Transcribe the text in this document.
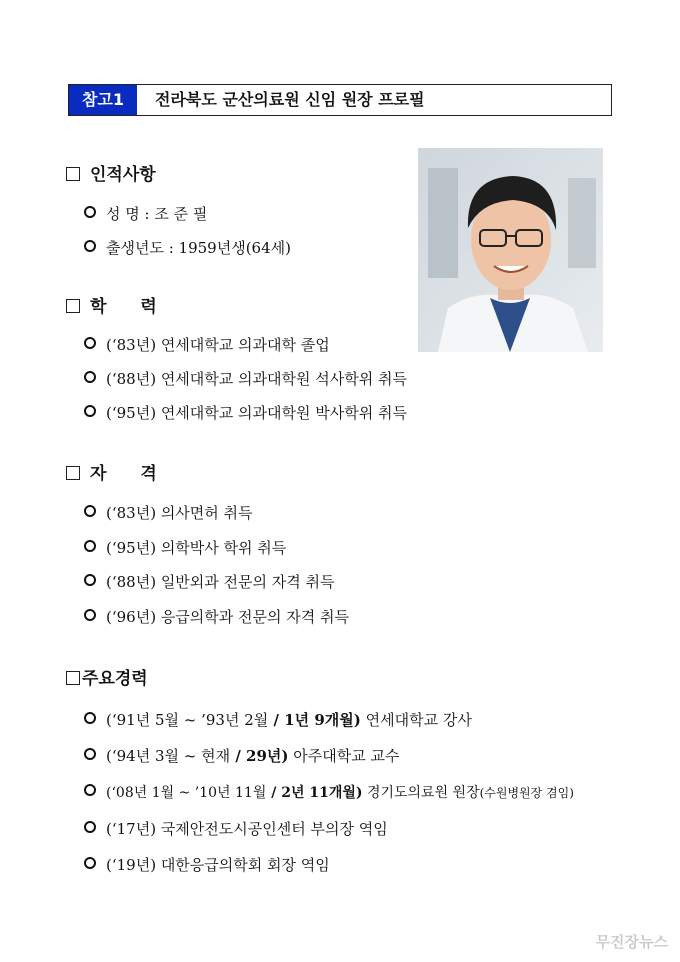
참고1	전라북도 군산의료원 신임 원장 프로필
인적사항
성 명 : 조 준 필
출생년도 : 1959년생(64세)
학 력
(‘83년) 연세대학교 의과대학 졸업
(‘88년) 연세대학교 의과대학원 석사학위 취득
(‘95년) 연세대학교 의과대학원 박사학위 취득
자 격
(‘83년) 의사면허 취득
(‘95년) 의학박사 학위 취득
(‘88년) 일반외과 전문의 자격 취득
(‘96년) 응급의학과 전문의 자격 취득
주요경력
(‘91년 5월 ~ ’93년 2월 / 1년 9개월) 연세대학교 강사
(‘94년 3월 ~ 현재 / 29년) 아주대학교 교수
(‘08년 1월 ~ ’10년 11월 / 2년 11개월) 경기도의료원 원장(수원병원장 겸임)
(‘17년) 국제안전도시공인센터 부의장 역임
(‘19년) 대한응급의학회 회장 역임
무진장뉴스
